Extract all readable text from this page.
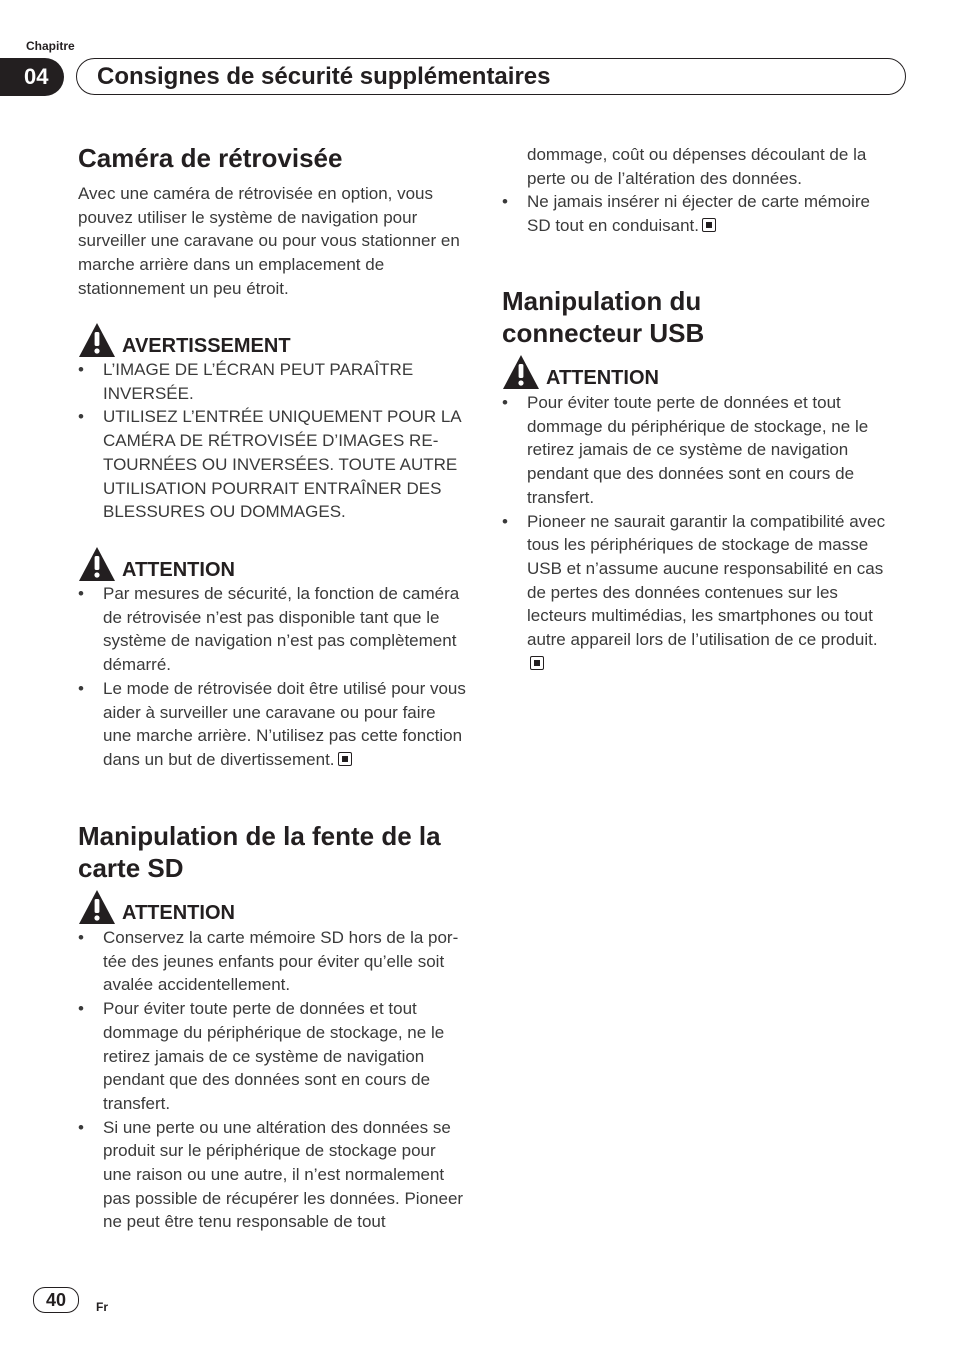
Chapitre
04	Consignes de sécurité supplémentaires
Caméra de rétrovisée

Avec une caméra de rétrovisée en option, vous pouvez utiliser le système de navigation pour surveiller une caravane ou pour vous stationner en marche arrière dans un emplacement de stationnement un peu étroit.

AVERTISSEMENT
• L’IMAGE DE L’ÉCRAN PEUT PARAÎTRE INVERSÉE.
• UTILISEZ L’ENTRÉE UNIQUEMENT POUR LA CAMÉRA DE RÉTROVISÉE D’IMAGES RETOURNÉES OU INVERSÉES. TOUTE AUTRE UTILISATION POURRAIT ENTRAÎNER DES BLESSURES OU DOMMAGES.
ATTENTION
• Par mesures de sécurité, la fonction de caméra de rétrovisée n’est pas disponible tant que le système de navigation n’est pas complètement démarré.
• Le mode de rétrovisée doit être utilisé pour vous aider à surveiller une caravane ou pour faire une marche arrière. N’utilisez pas cette fonction dans un but de divertissement.
Manipulation de la fente de la carte SD
ATTENTION
• Conservez la carte mémoire SD hors de la portée des jeunes enfants pour éviter qu’elle soit avalée accidentellement.
• Pour éviter toute perte de données et tout dommage du périphérique de stockage, ne le retirez jamais de ce système de navigation pendant que des données sont en cours de transfert.
• Si une perte ou une altération des données se produit sur le périphérique de stockage pour une raison ou une autre, il n’est normalement pas possible de récupérer les données. Pioneer ne peut être tenu responsable de tout
dommage, coût ou dépenses découlant de la perte ou de l’altération des données.
• Ne jamais insérer ni éjecter de carte mémoire SD tout en conduisant.
Manipulation du
connecteur USB
ATTENTION
• Pour éviter toute perte de données et tout dommage du périphérique de stockage, ne le retirez jamais de ce système de navigation pendant que des données sont en cours de transfert.
• Pioneer ne saurait garantir la compatibilité avec tous les périphériques de stockage de masse USB et n’assume aucune responsabilité en cas de pertes des données contenues sur les lecteurs multimédias, les smartphones ou tout autre appareil lors de l’utilisation de ce produit.
40	Fr
